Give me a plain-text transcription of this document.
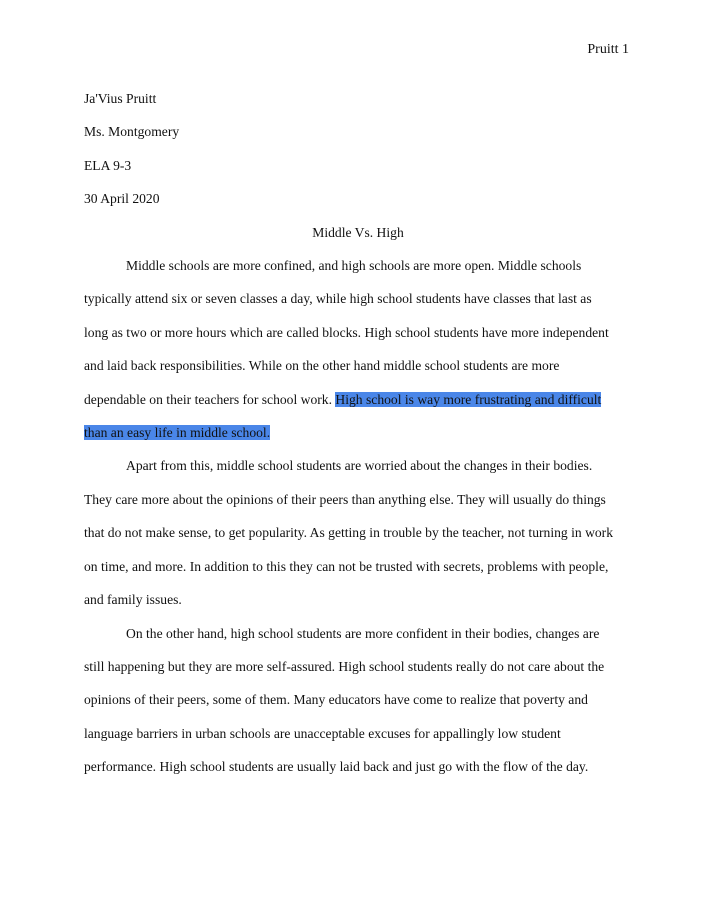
Pruitt 1
Ja'Vius Pruitt
Ms. Montgomery
ELA 9-3
30 April 2020
Middle Vs. High
Middle schools are more confined, and high schools are more open. Middle schools
typically attend six or seven classes a day, while high school students have classes that last as
long as two or more hours which are called blocks. High school students have more independent
and laid back responsibilities. While on the other hand middle school students are more
dependable on their teachers for school work. High school is way more frustrating and difficult
than an easy life in middle school.
Apart from this, middle school students are worried about the changes in their bodies.
They care more about the opinions of their peers than anything else. They will usually do things
that do not make sense, to get popularity. As getting in trouble by the teacher, not turning in work
on time, and more. In addition to this they can not be trusted with secrets, problems with people,
and family issues.
On the other hand, high school students are more confident in their bodies, changes are
still happening but they are more self-assured. High school students really do not care about the
opinions of their peers, some of them. Many educators have come to realize that poverty and
language barriers in urban schools are unacceptable excuses for appallingly low student
performance. High school students are usually laid back and just go with the flow of the day.
